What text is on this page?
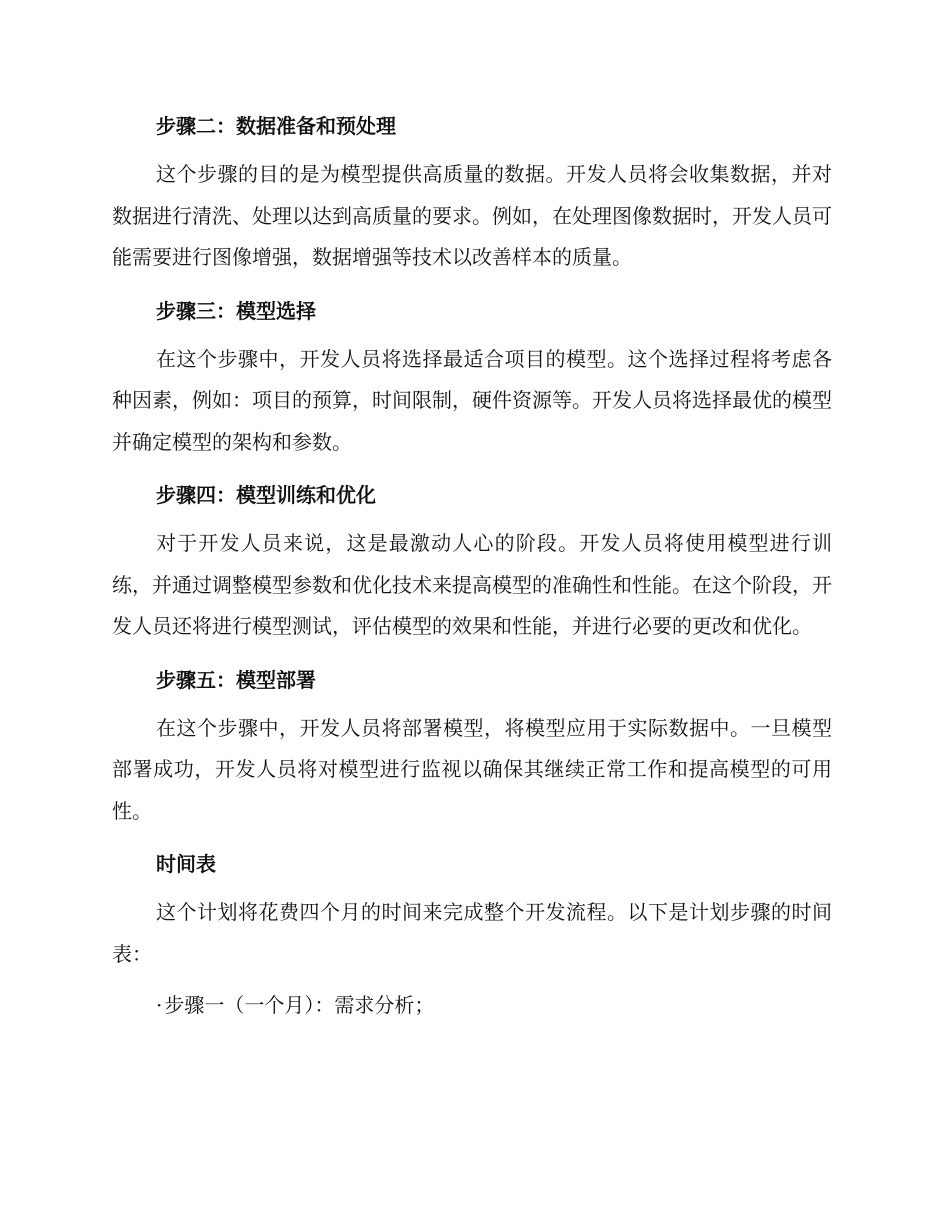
步骤二：数据准备和预处理

这个步骤的目的是为模型提供高质量的数据。开发人员将会收集数据，并对数据进行清洗、处理以达到高质量的要求。例如，在处理图像数据时，开发人员可能需要进行图像增强，数据增强等技术以改善样本的质量。

步骤三：模型选择

在这个步骤中，开发人员将选择最适合项目的模型。这个选择过程将考虑各种因素，例如：项目的预算，时间限制，硬件资源等。开发人员将选择最优的模型并确定模型的架构和参数。

步骤四：模型训练和优化

对于开发人员来说，这是最激动人心的阶段。开发人员将使用模型进行训练，并通过调整模型参数和优化技术来提高模型的准确性和性能。在这个阶段，开发人员还将进行模型测试，评估模型的效果和性能，并进行必要的更改和优化。

步骤五：模型部署

在这个步骤中，开发人员将部署模型，将模型应用于实际数据中。一旦模型部署成功，开发人员将对模型进行监视以确保其继续正常工作和提高模型的可用性。

时间表

这个计划将花费四个月的时间来完成整个开发流程。以下是计划步骤的时间表：

· 步骤一（一个月）：需求分析；
